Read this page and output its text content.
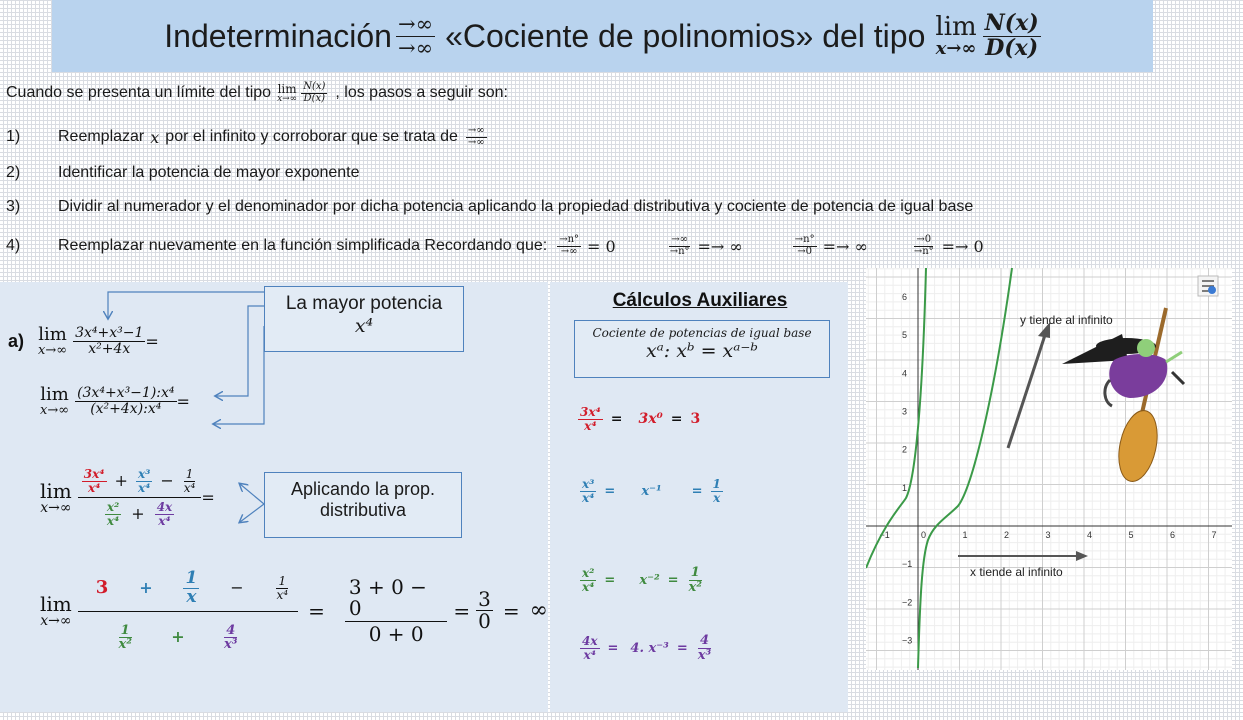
Indeterminación $\frac{\to\infty}{\to\infty}$ «Cociente de polinomios» del tipo lim
$x\to\infty \frac{N(x)}{D(x)}$
Cuando se presenta un límite del tipo lim
$x\to\infty \frac{N(x)}{D(x)}$ , los pasos a seguir son:
1)	Reemplazar x por el infinito y corroborar que se trata de $\frac{\to\infty}{\to\infty}$
2)	Identificar la potencia de mayor exponente
3)	Dividir al numerador y el denominador por dicha potencia aplicando la propiedad distributiva y cociente de potencia de igual base
4)	Reemplazar nuevamente en la función simplificada Recordando que: $\frac{\to n^\circ}{\to\infty} = 0$	$\frac{\to\infty}{\to n^\circ}$ =→ ∞	$\frac{\to n^\circ}{\to 0}$ =→ ∞	$\frac{\to 0}{\to n^\circ} =\to 0$
La mayor potencia
x⁴
a) lim
$x\to\infty \frac{\text{3x⁴+x³−1}}{\text{x²+4x}}$ =
lim
$x\to\infty \frac{\text{(3x⁴+x³−1):x⁴}}{\text{(x²+4x):x⁴}}$ =
Aplicando la prop. distributiva
lim
$x\to\infty \frac{\frac{\text{3x⁴}}{\text{x⁴}} + \frac{\text{x³}}{\text{x⁴}} - \frac{1}{\text{x⁴}}}{\frac{\text{x²}}{\text{x⁴}} + \frac{4x}{\text{x⁴}}}$ =
lim
x→∞ $3 + \frac{1}{x}$ −	$\frac{1}{\text{x⁴}}$
$\frac{1}{\text{x²}}$ +	$\frac{4}{\text{x³}} = \frac{3 + 0 - 0}{0 + 0} = \frac{3}{0}$ = ∞
Cálculos Auxiliares
Cociente de potencias de igual base
xᵃ: xᵇ = xᵃ⁻ᵇ
$\frac{\text{3x⁴}}{\text{x⁴}} = 3x^0 = 3$
$\frac{\text{x³}}{\text{x⁴}} = x^{-1} = \frac{1}{x}$
$\frac{\text{x²}}{\text{x⁴}} = x^{-2} = \frac{1}{\text{x²}}$
$\frac{4x}{\text{x⁴}} = 4$. $x^{-3} = \frac{4}{\text{x³}}$
−1	0	1	2	3	4	5	6	7
6
5
4
3
2
1
−1
−2
−3
y tiende al infinito
x tiende al infinito
